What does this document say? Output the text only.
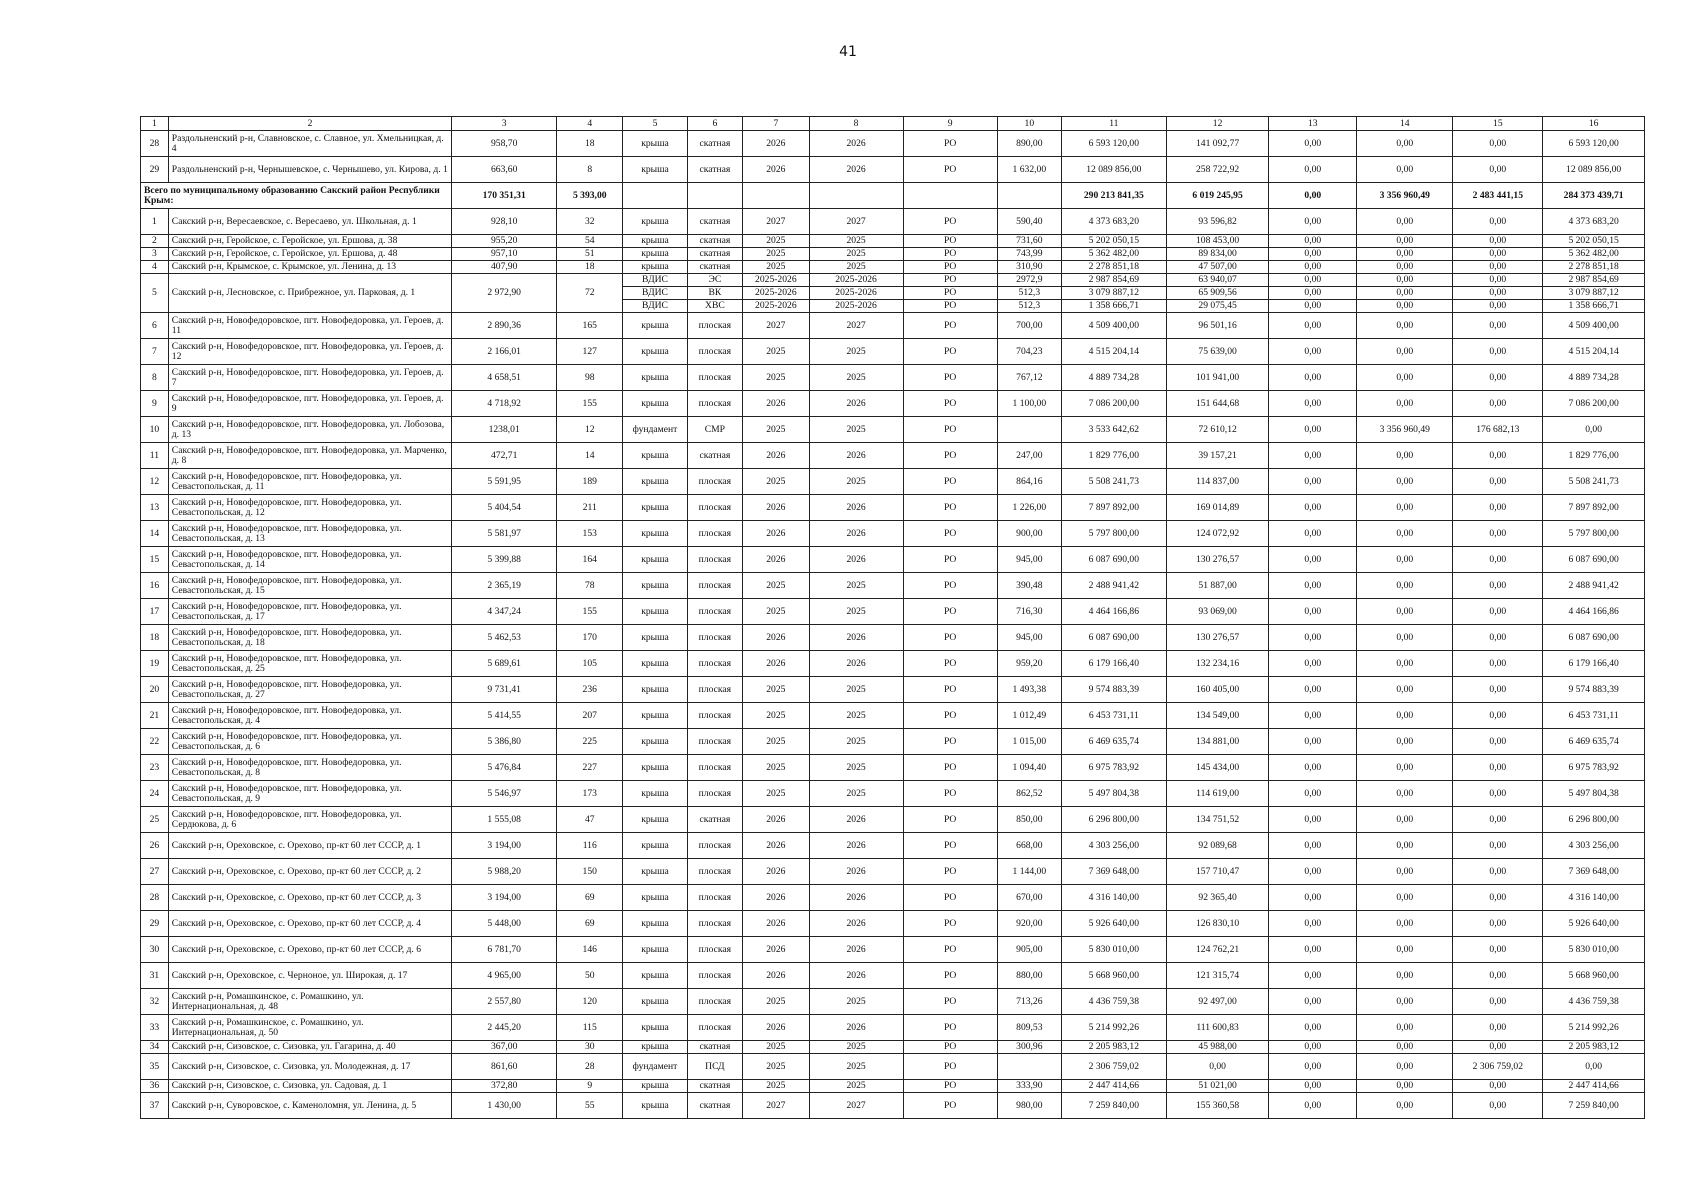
41
1	2	3	4	5	6	7	8	9	10	11	12	13	14	15	16
28	Раздольненский р-н, Славновское, с. Славное, ул. Хмельницкая, д. 4	958,70	18	крыша	скатная	2026	2026	РО	890,00	6 593 120,00	141 092,77	0,00	0,00	0,00	6 593 120,00
29	Раздольненский р-н, Чернышевское, с. Чернышево, ул. Кирова, д. 1	663,60	8	крыша	скатная	2026	2026	РО	1 632,00	12 089 856,00	258 722,92	0,00	0,00	0,00	12 089 856,00
Всего по муниципальному образованию Сакский район Республики Крым:		170 351,31	5 393,00							290 213 841,35	6 019 245,95	0,00	3 356 960,49	2 483 441,15	284 373 439,71
1	Сакский р-н, Вересаевское, с. Вересаево, ул. Школьная, д. 1	928,10	32	крыша	скатная	2027	2027	РО	590,40	4 373 683,20	93 596,82	0,00	0,00	0,00	4 373 683,20
2	Сакский р-н, Геройское, с. Геройское, ул. Ершова, д. 38	955,20	54	крыша	скатная	2025	2025	РО	731,60	5 202 050,15	108 453,00	0,00	0,00	0,00	5 202 050,15
3	Сакский р-н, Геройское, с. Геройское, ул. Ершова, д. 48	957,10	51	крыша	скатная	2025	2025	РО	743,99	5 362 482,00	89 834,00	0,00	0,00	0,00	5 362 482,00
4	Сакский р-н, Крымское, с. Крымское, ул. Ленина, д. 13	407,90	18	крыша	скатная	2025	2025	РО	310,90	2 278 851,18	47 507,00	0,00	0,00	0,00	2 278 851,18
5	Сакский р-н, Лесновское, с. Прибрежное, ул. Парковая, д. 1	2 972,90	72	ВДИС	ЭС	2025-2026	2025-2026	РО	2972,9	2 987 854,69	63 940,07	0,00	0,00	0,00	2 987 854,69
				ВДИС	ВК	2025-2026	2025-2026	РО	512,3	3 079 887,12	65 909,56	0,00	0,00	0,00	3 079 887,12
				ВДИС	ХВС	2025-2026	2025-2026	РО	512,3	1 358 666,71	29 075,45	0,00	0,00	0,00	1 358 666,71
6	Сакский р-н, Новофедоровское, пгт. Новофедоровка, ул. Героев, д. 11	2 890,36	165	крыша	плоская	2027	2027	РО	700,00	4 509 400,00	96 501,16	0,00	0,00	0,00	4 509 400,00
7	Сакский р-н, Новофедоровское, пгт. Новофедоровка, ул. Героев, д. 12	2 166,01	127	крыша	плоская	2025	2025	РО	704,23	4 515 204,14	75 639,00	0,00	0,00	0,00	4 515 204,14
8	Сакский р-н, Новофедоровское, пгт. Новофедоровка, ул. Героев, д. 7	4 658,51	98	крыша	плоская	2025	2025	РО	767,12	4 889 734,28	101 941,00	0,00	0,00	0,00	4 889 734,28
9	Сакский р-н, Новофедоровское, пгт. Новофедоровка, ул. Героев, д. 9	4 718,92	155	крыша	плоская	2026	2026	РО	1 100,00	7 086 200,00	151 644,68	0,00	0,00	0,00	7 086 200,00
10	Сакский р-н, Новофедоровское, пгт. Новофедоровка, ул. Лобозова, д. 13	1238,01	12	фундамент	СМР	2025	2025	РО		3 533 642,62	72 610,12	0,00	3 356 960,49	176 682,13	0,00
11	Сакский р-н, Новофедоровское, пгт. Новофедоровка, ул. Марченко, д. 8	472,71	14	крыша	скатная	2026	2026	РО	247,00	1 829 776,00	39 157,21	0,00	0,00	0,00	1 829 776,00
12	Сакский р-н, Новофедоровское, пгт. Новофедоровка, ул. Севастопольская, д. 11	5 591,95	189	крыша	плоская	2025	2025	РО	864,16	5 508 241,73	114 837,00	0,00	0,00	0,00	5 508 241,73
13	Сакский р-н, Новофедоровское, пгт. Новофедоровка, ул. Севастопольская, д. 12	5 404,54	211	крыша	плоская	2026	2026	РО	1 226,00	7 897 892,00	169 014,89	0,00	0,00	0,00	7 897 892,00
14	Сакский р-н, Новофедоровское, пгт. Новофедоровка, ул. Севастопольская, д. 13	5 581,97	153	крыша	плоская	2026	2026	РО	900,00	5 797 800,00	124 072,92	0,00	0,00	0,00	5 797 800,00
15	Сакский р-н, Новофедоровское, пгт. Новофедоровка, ул. Севастопольская, д. 14	5 399,88	164	крыша	плоская	2026	2026	РО	945,00	6 087 690,00	130 276,57	0,00	0,00	0,00	6 087 690,00
16	Сакский р-н, Новофедоровское, пгт. Новофедоровка, ул. Севастопольская, д. 15	2 365,19	78	крыша	плоская	2025	2025	РО	390,48	2 488 941,42	51 887,00	0,00	0,00	0,00	2 488 941,42
17	Сакский р-н, Новофедоровское, пгт. Новофедоровка, ул. Севастопольская, д. 17	4 347,24	155	крыша	плоская	2025	2025	РО	716,30	4 464 166,86	93 069,00	0,00	0,00	0,00	4 464 166,86
18	Сакский р-н, Новофедоровское, пгт. Новофедоровка, ул. Севастопольская, д. 18	5 462,53	170	крыша	плоская	2026	2026	РО	945,00	6 087 690,00	130 276,57	0,00	0,00	0,00	6 087 690,00
19	Сакский р-н, Новофедоровское, пгт. Новофедоровка, ул. Севастопольская, д. 25	5 689,61	105	крыша	плоская	2026	2026	РО	959,20	6 179 166,40	132 234,16	0,00	0,00	0,00	6 179 166,40
20	Сакский р-н, Новофедоровское, пгт. Новофедоровка, ул. Севастопольская, д. 27	9 731,41	236	крыша	плоская	2025	2025	РО	1 493,38	9 574 883,39	160 405,00	0,00	0,00	0,00	9 574 883,39
21	Сакский р-н, Новофедоровское, пгт. Новофедоровка, ул. Севастопольская, д. 4	5 414,55	207	крыша	плоская	2025	2025	РО	1 012,49	6 453 731,11	134 549,00	0,00	0,00	0,00	6 453 731,11
22	Сакский р-н, Новофедоровское, пгт. Новофедоровка, ул. Севастопольская, д. 6	5 386,80	225	крыша	плоская	2025	2025	РО	1 015,00	6 469 635,74	134 881,00	0,00	0,00	0,00	6 469 635,74
23	Сакский р-н, Новофедоровское, пгт. Новофедоровка, ул. Севастопольская, д. 8	5 476,84	227	крыша	плоская	2025	2025	РО	1 094,40	6 975 783,92	145 434,00	0,00	0,00	0,00	6 975 783,92
24	Сакский р-н, Новофедоровское, пгт. Новофедоровка, ул. Севастопольская, д. 9	5 546,97	173	крыша	плоская	2025	2025	РО	862,52	5 497 804,38	114 619,00	0,00	0,00	0,00	5 497 804,38
25	Сакский р-н, Новофедоровское, пгт. Новофедоровка, ул. Сердюкова, д. 6	1 555,08	47	крыша	скатная	2026	2026	РО	850,00	6 296 800,00	134 751,52	0,00	0,00	0,00	6 296 800,00
26	Сакский р-н, Ореховское, с. Орехово, пр-кт 60 лет СССР, д. 1	3 194,00	116	крыша	плоская	2026	2026	РО	668,00	4 303 256,00	92 089,68	0,00	0,00	0,00	4 303 256,00
27	Сакский р-н, Ореховское, с. Орехово, пр-кт 60 лет СССР, д. 2	5 988,20	150	крыша	плоская	2026	2026	РО	1 144,00	7 369 648,00	157 710,47	0,00	0,00	0,00	7 369 648,00
28	Сакский р-н, Ореховское, с. Орехово, пр-кт 60 лет СССР, д. 3	3 194,00	69	крыша	плоская	2026	2026	РО	670,00	4 316 140,00	92 365,40	0,00	0,00	0,00	4 316 140,00
29	Сакский р-н, Ореховское, с. Орехово, пр-кт 60 лет СССР, д. 4	5 448,00	69	крыша	плоская	2026	2026	РО	920,00	5 926 640,00	126 830,10	0,00	0,00	0,00	5 926 640,00
30	Сакский р-н, Ореховское, с. Орехово, пр-кт 60 лет СССР, д. 6	6 781,70	146	крыша	плоская	2026	2026	РО	905,00	5 830 010,00	124 762,21	0,00	0,00	0,00	5 830 010,00
31	Сакский р-н, Ореховское, с. Черноное, ул. Широкая, д. 17	4 965,00	50	крыша	плоская	2026	2026	РО	880,00	5 668 960,00	121 315,74	0,00	0,00	0,00	5 668 960,00
32	Сакский р-н, Ромашкинское, с. Ромашкино, ул. Интернациональная, д. 48	2 557,80	120	крыша	плоская	2025	2025	РО	713,26	4 436 759,38	92 497,00	0,00	0,00	0,00	4 436 759,38
33	Сакский р-н, Ромашкинское, с. Ромашкино, ул. Интернациональная, д. 50	2 445,20	115	крыша	плоская	2026	2026	РО	809,53	5 214 992,26	111 600,83	0,00	0,00	0,00	5 214 992,26
34	Сакский р-н, Сизовское, с. Сизовка, ул. Гагарина, д. 40	367,00	30	крыша	скатная	2025	2025	РО	300,96	2 205 983,12	45 988,00	0,00	0,00	0,00	2 205 983,12
35	Сакский р-н, Сизовское, с. Сизовка, ул. Молодежная, д. 17	861,60	28	фундамент	ПСД	2025	2025	РО		2 306 759,02	0,00	0,00	0,00	2 306 759,02	0,00
36	Сакский р-н, Сизовское, с. Сизовка, ул. Садовая, д. 1	372,80	9	крыша	скатная	2025	2025	РО	333,90	2 447 414,66	51 021,00	0,00	0,00	0,00	2 447 414,66
37	Сакский р-н, Суворовское, с. Каменоломня, ул. Ленина, д. 5	1 430,00	55	крыша	скатная	2027	2027	РО	980,00	7 259 840,00	155 360,58	0,00	0,00	0,00	7 259 840,00
